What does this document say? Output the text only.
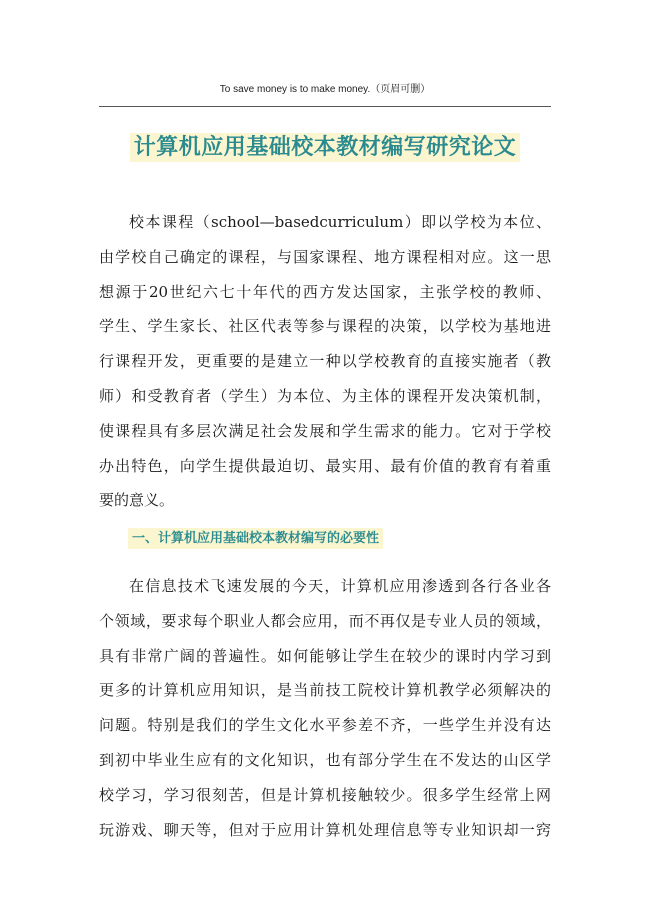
To save money is to make money.（页眉可删）
计算机应用基础校本教材编写研究论文
校本课程（school—basedcurriculum）即以学校为本位、
由学校自己确定的课程，与国家课程、地方课程相对应。这一思
想源于20世纪六七十年代的西方发达国家，主张学校的教师、
学生、学生家长、社区代表等参与课程的决策，以学校为基地进
行课程开发，更重要的是建立一种以学校教育的直接实施者（教
师）和受教育者（学生）为本位、为主体的课程开发决策机制，
使课程具有多层次满足社会发展和学生需求的能力。它对于学校
办出特色，向学生提供最迫切、最实用、最有价值的教育有着重
要的意义。
一、计算机应用基础校本教材编写的必要性
在信息技术飞速发展的今天，计算机应用渗透到各行各业各
个领域，要求每个职业人都会应用，而不再仅是专业人员的领域，
具有非常广阔的普遍性。如何能够让学生在较少的课时内学习到
更多的计算机应用知识，是当前技工院校计算机教学必须解决的
问题。特别是我们的学生文化水平参差不齐，一些学生并没有达
到初中毕业生应有的文化知识，也有部分学生在不发达的山区学
校学习，学习很刻苦，但是计算机接触较少。很多学生经常上网
玩游戏、聊天等，但对于应用计算机处理信息等专业知识却一窍
